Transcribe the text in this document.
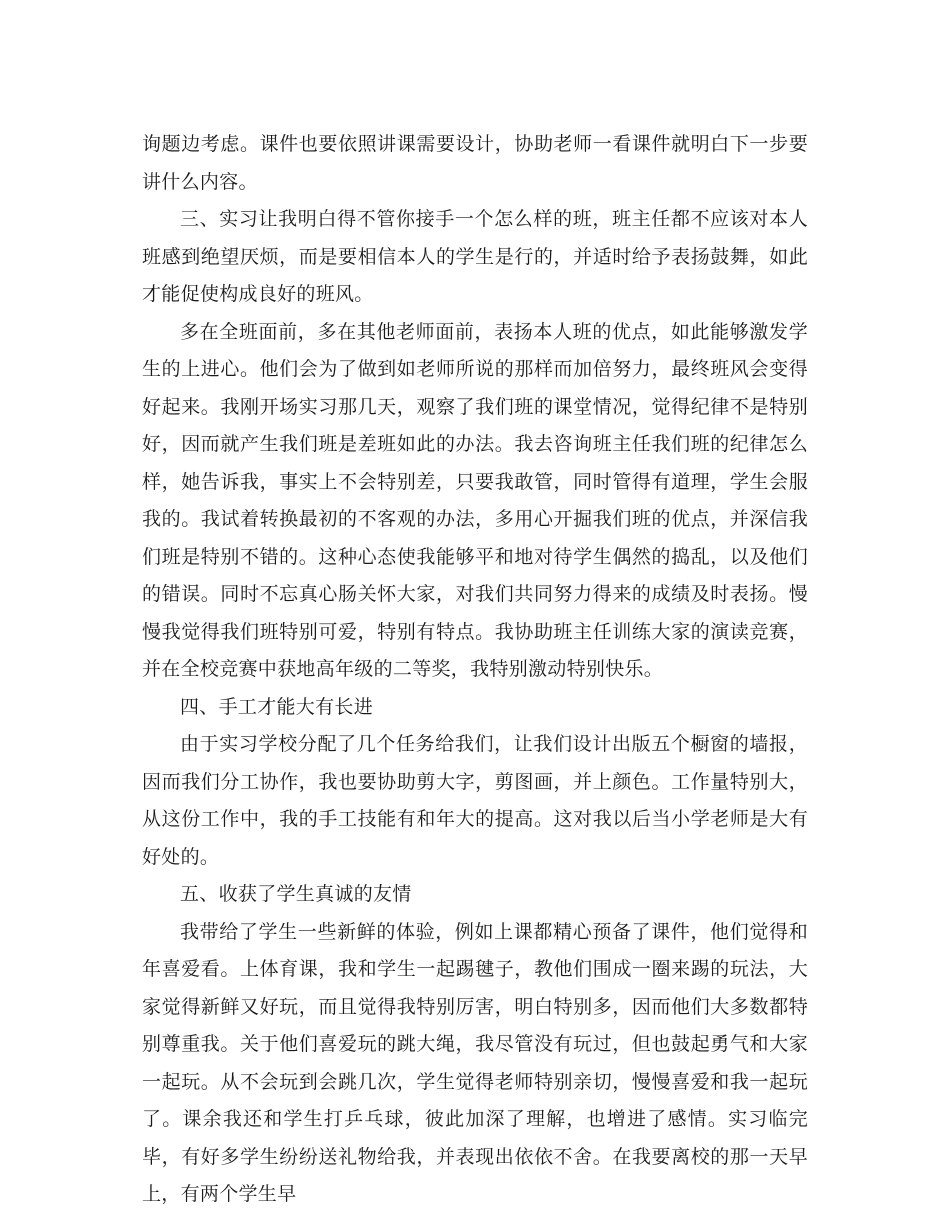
询题边考虑。课件也要依照讲课需要设计，协助老师一看课件就明白下一步要讲什么内容。

三、实习让我明白得不管你接手一个怎么样的班，班主任都不应该对本人班感到绝望厌烦，而是要相信本人的学生是行的，并适时给予表扬鼓舞，如此才能促使构成良好的班风。

多在全班面前，多在其他老师面前，表扬本人班的优点，如此能够激发学生的上进心。他们会为了做到如老师所说的那样而加倍努力，最终班风会变得好起来。我刚开场实习那几天，观察了我们班的课堂情况，觉得纪律不是特别好，因而就产生我们班是差班如此的办法。我去咨询班主任我们班的纪律怎么样，她告诉我，事实上不会特别差，只要我敢管，同时管得有道理，学生会服我的。我试着转换最初的不客观的办法，多用心开掘我们班的优点，并深信我们班是特别不错的。这种心态使我能够平和地对待学生偶然的捣乱，以及他们的错误。同时不忘真心肠关怀大家，对我们共同努力得来的成绩及时表扬。慢慢我觉得我们班特别可爱，特别有特点。我协助班主任训练大家的演读竞赛，并在全校竞赛中获地高年级的二等奖，我特别激动特别快乐。

四、手工才能大有长进

由于实习学校分配了几个任务给我们，让我们设计出版五个橱窗的墙报，因而我们分工协作，我也要协助剪大字，剪图画，并上颜色。工作量特别大，从这份工作中，我的手工技能有和年大的提高。这对我以后当小学老师是大有好处的。

五、收获了学生真诚的友情

我带给了学生一些新鲜的体验，例如上课都精心预备了课件，他们觉得和年喜爱看。上体育课，我和学生一起踢毽子，教他们围成一圈来踢的玩法，大家觉得新鲜又好玩，而且觉得我特别厉害，明白特别多，因而他们大多数都特别尊重我。关于他们喜爱玩的跳大绳，我尽管没有玩过，但也鼓起勇气和大家一起玩。从不会玩到会跳几次，学生觉得老师特别亲切，慢慢喜爱和我一起玩了。课余我还和学生打乒乓球，彼此加深了理解，也增进了感情。实习临完毕，有好多学生纷纷送礼物给我，并表现出依依不舍。在我要离校的那一天早上，有两个学生早
